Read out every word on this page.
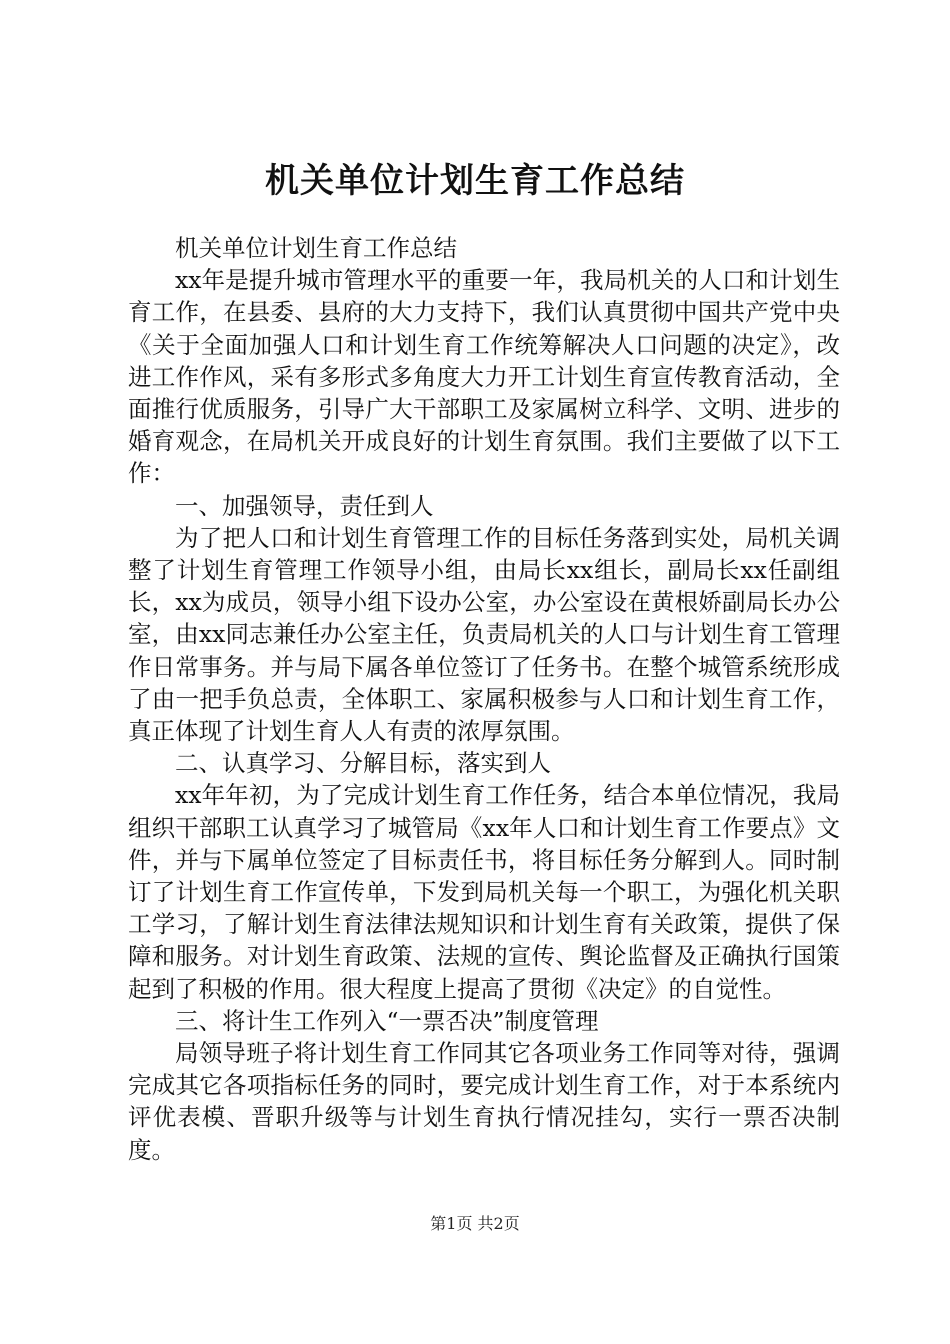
机关单位计划生育工作总结

机关单位计划生育工作总结

xx年是提升城市管理水平的重要一年，我局机关的人口和计划生育工作，在县委、县府的大力支持下，我们认真贯彻中国共产党中央《关于全面加强人口和计划生育工作统筹解决人口问题的决定》，改进工作作风，采有多形式多角度大力开工计划生育宣传教育活动，全面推行优质服务，引导广大干部职工及家属树立科学、文明、进步的婚育观念，在局机关开成良好的计划生育氛围。我们主要做了以下工作：

一、加强领导，责任到人

为了把人口和计划生育管理工作的目标任务落到实处，局机关调整了计划生育管理工作领导小组，由局长xx组长，副局长xx任副组长，xx为成员，领导小组下设办公室，办公室设在黄根娇副局长办公室，由xx同志兼任办公室主任，负责局机关的人口与计划生育工管理作日常事务。并与局下属各单位签订了任务书。在整个城管系统形成了由一把手负总责，全体职工、家属积极参与人口和计划生育工作，真正体现了计划生育人人有责的浓厚氛围。

二、认真学习、分解目标，落实到人

xx年年初，为了完成计划生育工作任务，结合本单位情况，我局组织干部职工认真学习了城管局《xx年人口和计划生育工作要点》文件，并与下属单位签定了目标责任书，将目标任务分解到人。同时制订了计划生育工作宣传单，下发到局机关每一个职工，为强化机关职工学习，了解计划生育法律法规知识和计划生育有关政策，提供了保障和服务。对计划生育政策、法规的宣传、舆论监督及正确执行国策起到了积极的作用。很大程度上提高了贯彻《决定》的自觉性。

三、将计生工作列入“一票否决”制度管理

局领导班子将计划生育工作同其它各项业务工作同等对待，强调完成其它各项指标任务的同时，要完成计划生育工作，对于本系统内评优表模、晋职升级等与计划生育执行情况挂勾，实行一票否决制度。

第1页 共2页
